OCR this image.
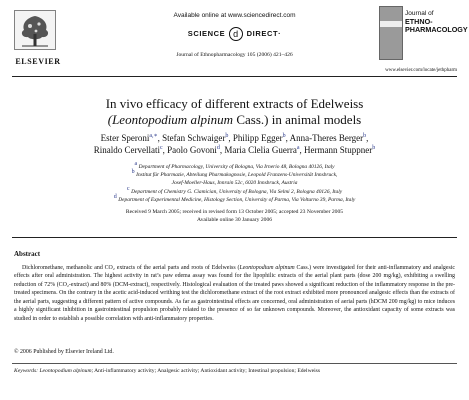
ELSEVIER
Available online at www.sciencedirect.com
SCIENCE d DIRECT·
Journal of Ethnopharmacology 105 (2006) 421–426
Journal of
ETHNO-
PHARMACOLOGY
www.elsevier.com/locate/jethpharm
In vivo efficacy of different extracts of Edelweiss
(Leontopodium alpinum Cass.) in animal models
Ester Speroni$^{a,∗}$, Stefan Schwaiger$^b$, Philipp Egger$^b$, Anna-Theres Berger$^b$,
Rinaldo Cervellati$^c$, Paolo Govoni$^d$, Maria Clelia Guerra$^a$, Hermann Stuppner$^b$
$^a$ Department of Pharmacology, University of Bologna, Via Irnerio 48, Bologna 40126, Italy
$^b$ Institut für Pharmazie, Abteilung Pharmakognosie, Leopold Franzens-Universität Innsbruck,
Josef-Moeller-Haus, Innrain 52c, 6020 Innsbruck, Austria
$^c$ Department of Chemistry G. Ciamician, University of Bologna, Via Selmi 2, Bologna 40126, Italy
$^d$ Department of Experimental Medicine, Histology Section, University of Parma, Via Volturno 39, Parma, Italy
Received 9 March 2005; received in revised form 13 October 2005; accepted 23 November 2005
Available online 30 January 2006
Abstract
Dichloromethane, methanolic and CO₂ extracts of the aerial parts and roots of Edelweiss (Leontopodium alpinum Cass.) were investigated for their anti-inflammatory and analgesic effects after oral administration. The highest activity in rat’s paw edema assay was found for the lipophilic extracts of the aerial plant parts (dose 200 mg/kg), exhibiting a swelling reduction of 72% (CO₂-extract) and 80% (DCM-extract), respectively. Histological evaluation of the treated paws showed a significant reduction of the inflammatory response in the pre-treated specimens. On the contrary in the acetic acid-induced writhing test the dichloromethane extract of the root extract exhibited more pronounced analgesic effects than the extracts of the aerial parts, suggesting a different pattern of active compounds. As far as gastrointestinal effects are concerned, oral administration of aerial parts (hDCM 200 mg/kg) to mice induces a highly significant inhibition in gastrointestinal propulsion probably related to the presence of so far unknown compounds. Moreover, the antioxidant capacity of some extracts was studied in order to establish a possible correlation with anti-inflammatory properties.
© 2006 Published by Elsevier Ireland Ltd.
Keywords: Leontopodium alpinum; Anti-inflammatory activity; Analgesic activity; Antioxidant activity; Intestinal propulsion; Edelweiss
